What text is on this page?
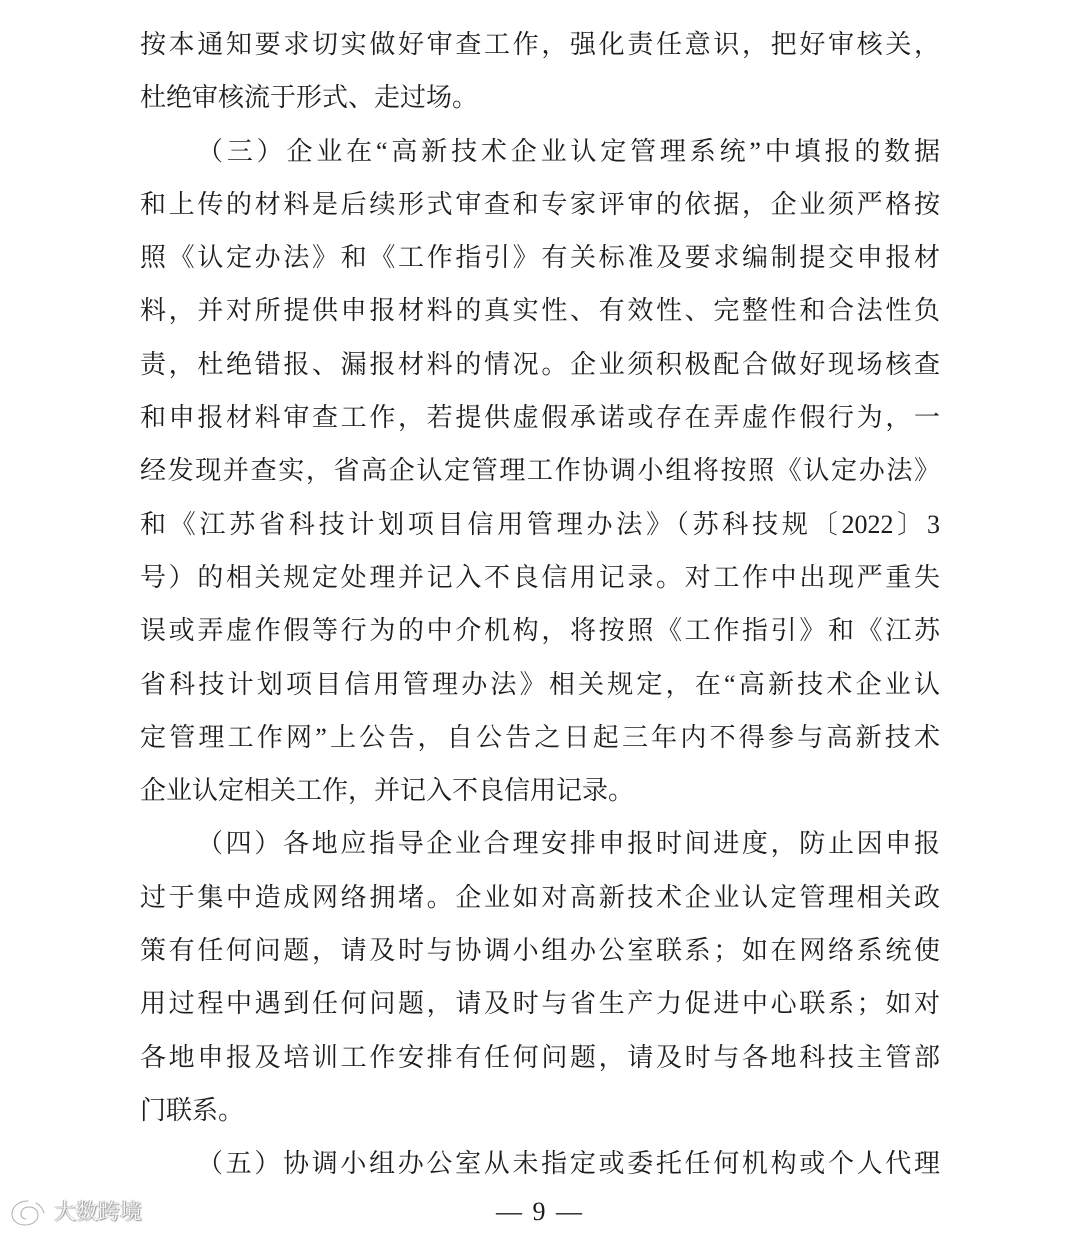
按本通知要求切实做好审查工作，强化责任意识，把好审核关，
杜绝审核流于形式、走过场。
（三）企业在“高新技术企业认定管理系统”中填报的数据
和上传的材料是后续形式审查和专家评审的依据，企业须严格按
照《认定办法》和《工作指引》有关标准及要求编制提交申报材
料，并对所提供申报材料的真实性、有效性、完整性和合法性负
责，杜绝错报、漏报材料的情况。企业须积极配合做好现场核查
和申报材料审查工作，若提供虚假承诺或存在弄虚作假行为，一
经发现并查实，省高企认定管理工作协调小组将按照《认定办法》
和《江苏省科技计划项目信用管理办法》（苏科技规〔2022〕3
号）的相关规定处理并记入不良信用记录。对工作中出现严重失
误或弄虚作假等行为的中介机构，将按照《工作指引》和《江苏
省科技计划项目信用管理办法》相关规定，在“高新技术企业认
定管理工作网”上公告，自公告之日起三年内不得参与高新技术
企业认定相关工作，并记入不良信用记录。
（四）各地应指导企业合理安排申报时间进度，防止因申报
过于集中造成网络拥堵。企业如对高新技术企业认定管理相关政
策有任何问题，请及时与协调小组办公室联系；如在网络系统使
用过程中遇到任何问题，请及时与省生产力促进中心联系；如对
各地申报及培训工作安排有任何问题，请及时与各地科技主管部
门联系。
（五）协调小组办公室从未指定或委托任何机构或个人代理
— 9 —
大数跨境
